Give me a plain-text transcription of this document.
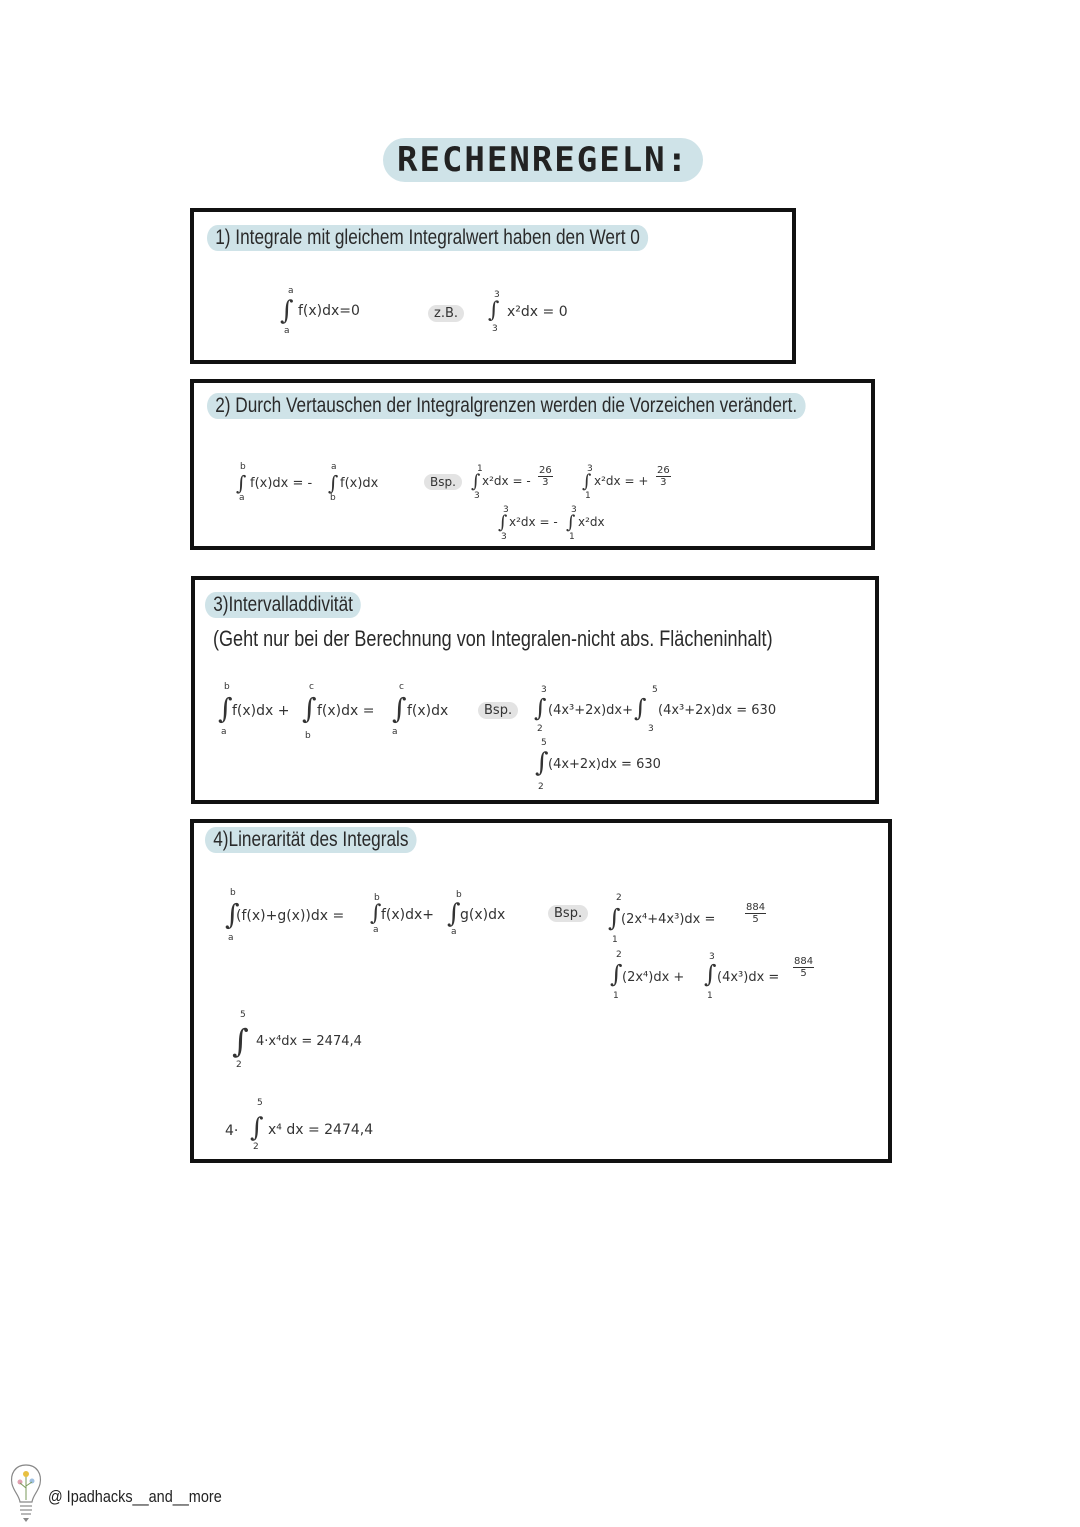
RECHENREGELN:
1) Integrale mit gleichem Integralwert haben den Wert 0
∫
a
a
f(x)dx=0	z.B. ∫
3
3
x²dx = 0
2) Durch Vertauschen der Integralgrenzen werden die Vorzeichen verändert.
∫
b
a
f(x)dx = - ∫
a
b
f(x)dx	Bsp. ∫
1
3
x²dx = - $\frac{26}{3}$ ∫
3
1
x²dx = + $\frac{26}{3}$
∫
3
3
x²dx = - ∫
3
1
x²dx
3)Intervalladdivität
(Geht nur bei der Berechnung von Integralen-nicht abs. Flächeninhalt)
∫
b
a
f(x)dx + ∫
c
b
f(x)dx = ∫
c
a
f(x)dx	Bsp. ∫
3
2
(4x³+2x)dx+ ∫
5
3
(4x³+2x)dx = 630
∫
5
2
(4x+2x)dx = 630
4)Linerarität des Integrals
∫
b
a
(f(x)+g(x))dx = ∫
b
a
f(x)dx+ ∫
b
a
g(x)dx	Bsp. ∫
2
1
(2x⁴+4x³)dx =	$\frac{884}{5}$
∫
2
1
(2x⁴)dx + ∫
3
1
$(4x^3)dx = \frac{884}{5}$
∫
5
2
4·x⁴dx = 2474,4
4· ∫
5
2
x⁴ dx = 2474,4
@ Ipadhacks__and__more
